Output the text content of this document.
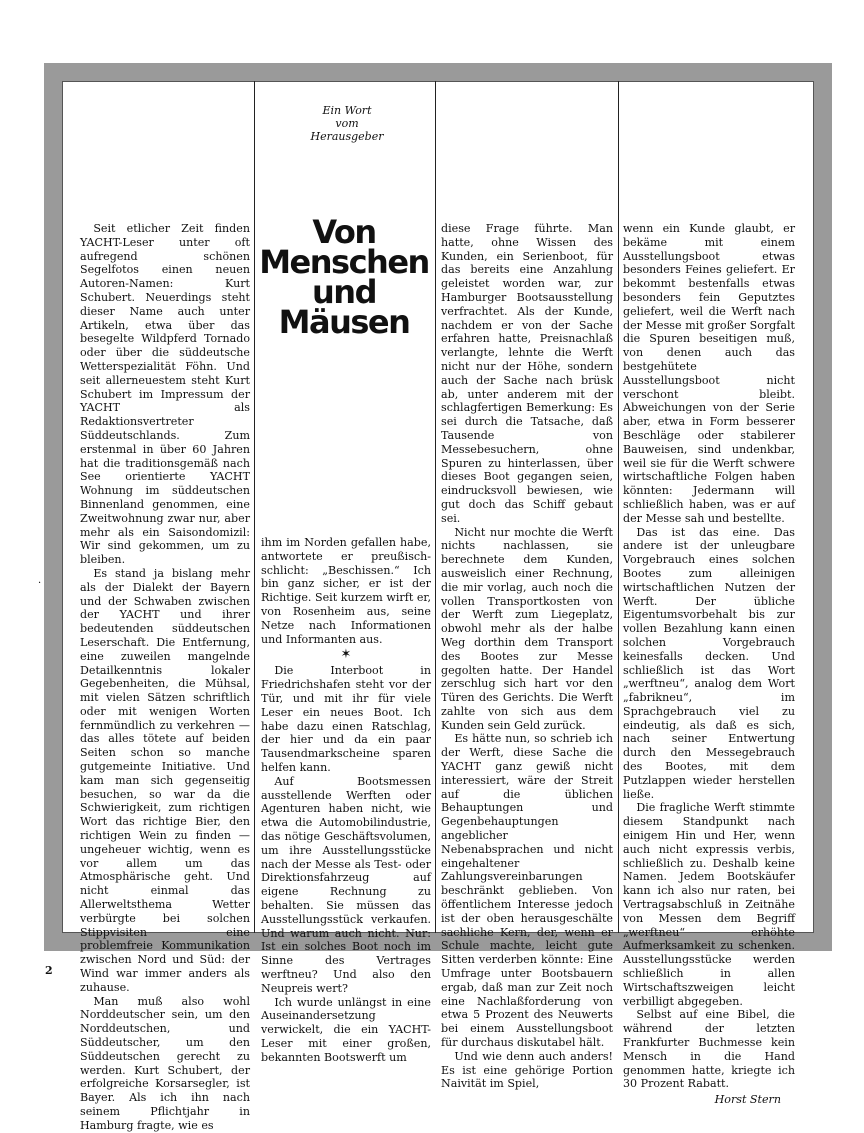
Ein Wort
vom
Herausgeber
Von
Menschen
und
Mäusen

Seit etlicher Zeit finden YACHT-Leser unter oft aufregend schönen Segelfotos einen neuen Autoren-Namen: Kurt Schubert. Neuerdings steht dieser Name auch unter Artikeln, etwa über das besegelte Wildpferd Tornado oder über die süddeutsche Wetterspezialität Föhn. Und seit allerneuestem steht Kurt Schubert im Impressum der YACHT als Redaktionsvertreter Süddeutschlands. Zum erstenmal in über 60 Jahren hat die traditionsgemäß nach See orientierte YACHT Wohnung im süddeutschen Binnenland genommen, eine Zweitwohnung zwar nur, aber mehr als ein Saisondomizil: Wir sind gekommen, um zu bleiben.

Es stand ja bislang mehr als der Dialekt der Bayern und der Schwaben zwischen der YACHT und ihrer bedeutenden süddeutschen Leserschaft. Die Entfernung, eine zuweilen mangelnde Detailkenntnis lokaler Gegebenheiten, die Mühsal, mit vielen Sätzen schriftlich oder mit wenigen Worten fernmündlich zu verkehren — das alles tötete auf beiden Seiten schon so manche gutgemeinte Initiative. Und kam man sich gegenseitig besuchen, so war da die Schwierigkeit, zum richtigen Wort das richtige Bier, den richtigen Wein zu finden — ungeheuer wichtig, wenn es vor allem um das Atmosphärische geht. Und nicht einmal das Allerweltsthema Wetter verbürgte bei solchen Stippvisiten eine problemfreie Kommunikation zwischen Nord und Süd: der Wind war immer anders als zuhause.

Man muß also wohl Norddeutscher sein, um den Norddeutschen, und Süddeutscher, um den Süddeutschen gerecht zu werden. Kurt Schubert, der erfolgreiche Korsarsegler, ist Bayer. Als ich ihn nach seinem Pflichtjahr in Hamburg fragte, wie es

ihm im Norden gefallen habe, antwortete er preußisch-schlicht: „Beschissen.“ Ich bin ganz sicher, er ist der Richtige. Seit kurzem wirft er, von Rosenheim aus, seine Netze nach Informationen und Informanten aus.

✶

Die Interboot in Friedrichshafen steht vor der Tür, und mit ihr für viele Leser ein neues Boot. Ich habe dazu einen Ratschlag, der hier und da ein paar Tausendmarkscheine sparen helfen kann.

Auf Bootsmessen ausstellende Werften oder Agenturen haben nicht, wie etwa die Automobilindustrie, das nötige Geschäftsvolumen, um ihre Ausstellungsstücke nach der Messe als Test- oder Direktionsfahrzeug auf eigene Rechnung zu behalten. Sie müssen das Ausstellungsstück verkaufen. Und warum auch nicht. Nur: Ist ein solches Boot noch im Sinne des Vertrages werftneu? Und also den Neupreis wert?

Ich wurde unlängst in eine Auseinandersetzung verwickelt, die ein YACHT-Leser mit einer großen, bekannten Bootswerft um

diese Frage führte. Man hatte, ohne Wissen des Kunden, ein Serienboot, für das bereits eine Anzahlung geleistet worden war, zur Hamburger Bootsausstellung verfrachtet. Als der Kunde, nachdem er von der Sache erfahren hatte, Preisnachlaß verlangte, lehnte die Werft nicht nur der Höhe, sondern auch der Sache nach brüsk ab, unter anderem mit der schlagfertigen Bemerkung: Es sei durch die Tatsache, daß Tausende von Messebesuchern, ohne Spuren zu hinterlassen, über dieses Boot gegangen seien, eindrucksvoll bewiesen, wie gut doch das Schiff gebaut sei.

Nicht nur mochte die Werft nichts nachlassen, sie berechnete dem Kunden, ausweislich einer Rechnung, die mir vorlag, auch noch die vollen Transportkosten von der Werft zum Liegeplatz, obwohl mehr als der halbe Weg dorthin dem Transport des Bootes zur Messe gegolten hatte. Der Handel zerschlug sich hart vor den Türen des Gerichts. Die Werft zahlte von sich aus dem Kunden sein Geld zurück.

Es hätte nun, so schrieb ich der Werft, diese Sache die YACHT ganz gewiß nicht interessiert, wäre der Streit auf die üblichen Behauptungen und Gegenbehauptungen angeblicher Nebenabsprachen und nicht eingehaltener Zahlungsvereinbarungen beschränkt geblieben. Von öffentlichem Interesse jedoch ist der oben herausgeschälte sachliche Kern, der, wenn er Schule machte, leicht gute Sitten verderben könnte: Eine Umfrage unter Bootsbauern ergab, daß man zur Zeit noch eine Nachlaßforderung von etwa 5 Prozent des Neuwerts bei einem Ausstellungsboot für durchaus diskutabel hält.

Und wie denn auch anders! Es ist eine gehörige Portion Naivität im Spiel,

wenn ein Kunde glaubt, er bekäme mit einem Ausstellungsboot etwas besonders Feines geliefert. Er bekommt bestenfalls etwas besonders fein Geputztes geliefert, weil die Werft nach der Messe mit großer Sorgfalt die Spuren beseitigen muß, von denen auch das bestgehütete Ausstellungsboot nicht verschont bleibt. Abweichungen von der Serie aber, etwa in Form besserer Beschläge oder stabilerer Bauweisen, sind undenkbar, weil sie für die Werft schwere wirtschaftliche Folgen haben könnten: Jedermann will schließlich haben, was er auf der Messe sah und bestellte.

Das ist das eine. Das andere ist der unleugbare Vorgebrauch eines solchen Bootes zum alleinigen wirtschaftlichen Nutzen der Werft. Der übliche Eigentumsvorbehalt bis zur vollen Bezahlung kann einen solchen Vorgebrauch keinesfalls decken. Und schließlich ist das Wort „werftneu“, analog dem Wort „fabrikneu“, im Sprachgebrauch viel zu eindeutig, als daß es sich, nach seiner Entwertung durch den Messegebrauch des Bootes, mit dem Putzlappen wieder herstellen ließe.

Die fragliche Werft stimmte diesem Standpunkt nach einigem Hin und Her, wenn auch nicht expressis verbis, schließlich zu. Deshalb keine Namen. Jedem Bootskäufer kann ich also nur raten, bei Vertragsabschluß in Zeitnähe von Messen dem Begriff „werftneu“ erhöhte Aufmerksamkeit zu schenken. Ausstellungsstücke werden schließlich in allen Wirtschaftszweigen leicht verbilligt abgegeben.

Selbst auf eine Bibel, die während der letzten Frankfurter Buchmesse kein Mensch in die Hand genommen hatte, kriegte ich 30 Prozent Rabatt.

Horst Stern
·
2
